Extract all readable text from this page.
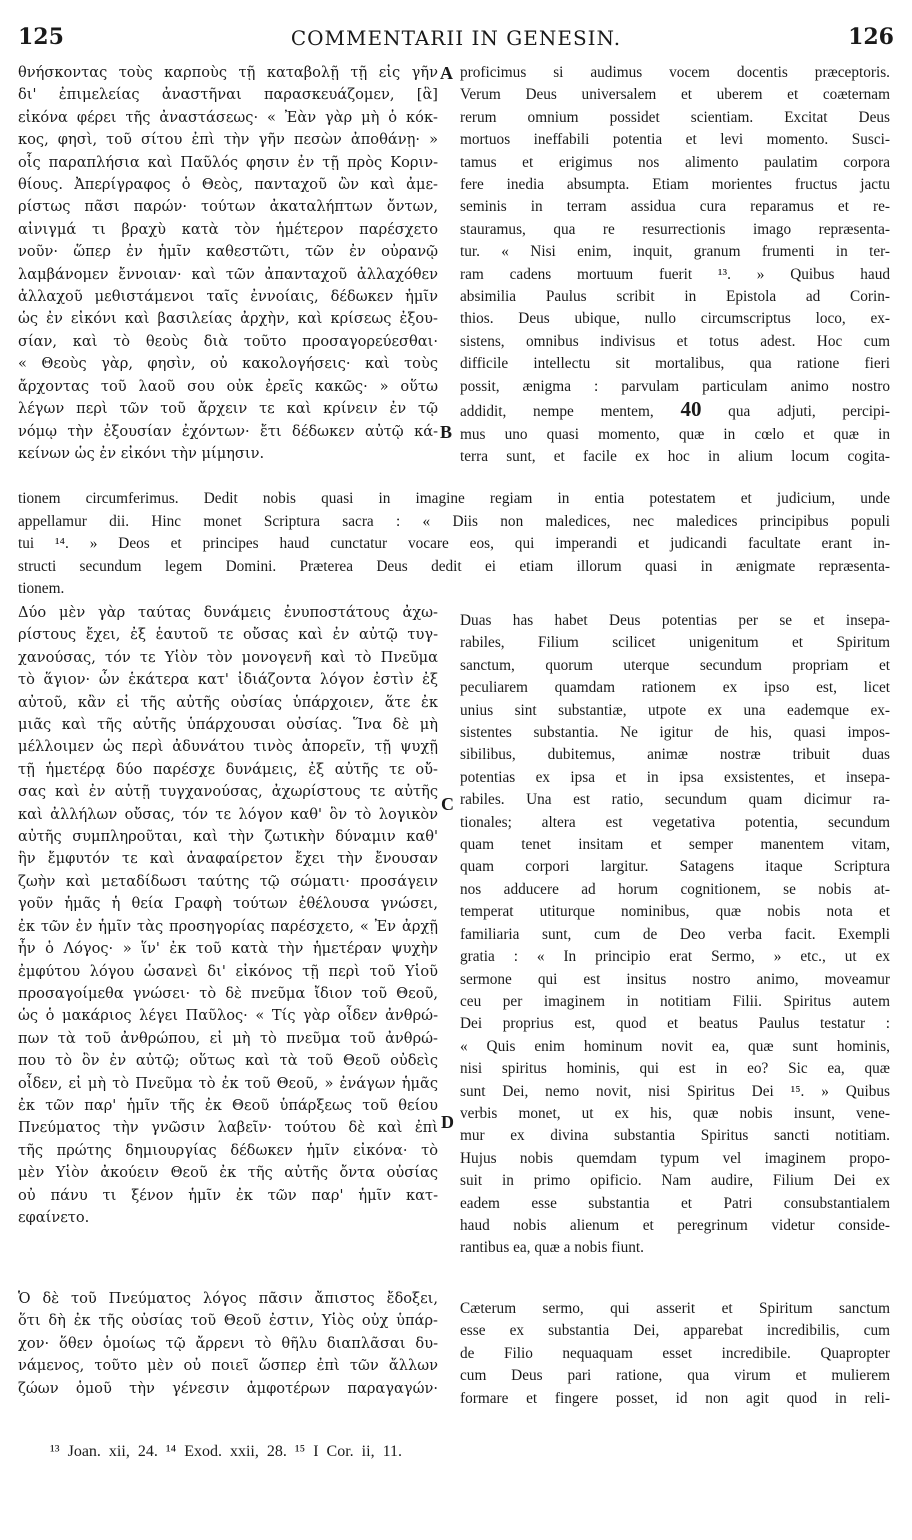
125	COMMENTARII IN GENESIN.	126
A
B
C
D
θνήσκοντας τοὺς καρποὺς τῇ καταβολῇ τῇ εἰς γῆν
δι' ἐπιμελείας ἀναστῆναι παρασκευάζομεν, [ἃ]
εἰκόνα φέρει τῆς ἀναστάσεως· « Ἐὰν γὰρ μὴ ὁ κόκ-
κος, φησὶ, τοῦ σίτου ἐπὶ τὴν γῆν πεσὼν ἀποθάνῃ· »
οἷς παραπλήσια καὶ Παῦλός φησιν ἐν τῇ πρὸς Κοριν-
θίους. Ἀπερίγραφος ὁ Θεὸς, πανταχοῦ ὢν καὶ ἀμε-
ρίστως πᾶσι παρών· τούτων ἀκαταλήπτων ὄντων,
αἰνιγμά τι βραχὺ κατὰ τὸν ἡμέτερον παρέσχετο
νοῦν· ὥπερ ἐν ἡμῖν καθεστῶτι, τῶν ἐν οὐρανῷ
λαμβάνομεν ἔννοιαν· καὶ τῶν ἀπανταχοῦ ἀλλαχόθεν
ἀλλαχοῦ μεθιστάμενοι ταῖς ἐννοίαις, δέδωκεν ἡμῖν
ὡς ἐν εἰκόνι καὶ βασιλείας ἀρχὴν, καὶ κρίσεως ἐξου-
σίαν, καὶ τὸ θεοὺς διὰ τοῦτο προσαγορεύεσθαι·
« Θεοὺς γὰρ, φησὶν, οὐ κακολογήσεις· καὶ τοὺς
ἄρχοντας τοῦ λαοῦ σου οὐκ ἐρεῖς κακῶς· » οὕτω
λέγων περὶ τῶν τοῦ ἄρχειν τε καὶ κρίνειν ἐν τῷ
νόμῳ τὴν ἐξουσίαν ἐχόντων· ἔτι δέδωκεν αὐτῷ κά-
κείνων ὡς ἐν εἰκόνι τὴν μίμησιν.
proficimus si audimus vocem docentis præceptoris.
Verum Deus universalem et uberem et coæternam
rerum omnium possidet scientiam. Excitat Deus
mortuos ineffabili potentia et levi momento. Susci-
tamus et erigimus nos alimento paulatim corpora
fere inedia absumpta. Etiam morientes fructus jactu
seminis in terram assidua cura reparamus et re-
stauramus, qua re resurrectionis imago repræsenta-
tur. « Nisi enim, inquit, granum frumenti in ter-
ram cadens mortuum fuerit ¹³. » Quibus haud
absimilia Paulus scribit in Epistola ad Corin-
thios. Deus ubique, nullo circumscriptus loco, ex-
sistens, omnibus indivisus et totus adest. Hoc cum
difficile intellectu sit mortalibus, qua ratione fieri
possit, ænigma : parvulam particulam animo nostro
addidit, nempe mentem, 40 qua adjuti, percipi-
mus uno quasi momento, quæ in cœlo et quæ in
terra sunt, et facile ex hoc in alium locum cogita-
tionem circumferimus. Dedit nobis quasi in imagine regiam in entia potestatem et judicium, unde
appellamur dii. Hinc monet Scriptura sacra : « Diis non maledices, nec maledices principibus populi
tui ¹⁴. » Deos et principes haud cunctatur vocare eos, qui imperandi et judicandi facultate erant in-
structi secundum legem Domini. Præterea Deus dedit ei etiam illorum quasi in ænigmate repræsenta-
tionem.
Δύο μὲν γὰρ ταύτας δυνάμεις ἐνυποστάτους ἀχω-
ρίστους ἔχει, ἐξ ἑαυτοῦ τε οὔσας καὶ ἐν αὐτῷ τυγ-
χανούσας, τόν τε Υἱὸν τὸν μονογενῆ καὶ τὸ Πνεῦμα
τὸ ἅγιον· ὧν ἑκάτερα κατ' ἰδιάζοντα λόγον ἐστὶν ἐξ
αὐτοῦ, κἂν εἰ τῆς αὐτῆς οὐσίας ὑπάρχοιεν, ἅτε ἐκ
μιᾶς καὶ τῆς αὐτῆς ὑπάρχουσαι οὐσίας. Ἵνα δὲ μὴ
μέλλοιμεν ὡς περὶ ἀδυνάτου τινὸς ἀπορεῖν, τῇ ψυχῇ
τῇ ἡμετέρᾳ δύο παρέσχε δυνάμεις, ἐξ αὐτῆς τε οὔ-
σας καὶ ἐν αὐτῇ τυγχανούσας, ἀχωρίστους τε αὐτῆς
καὶ ἀλλήλων οὔσας, τόν τε λόγον καθ' ὃν τὸ λογικὸν
αὐτῆς συμπληροῦται, καὶ τὴν ζωτικὴν δύναμιν καθ'
ἣν ἔμφυτόν τε καὶ ἀναφαίρετον ἔχει τὴν ἔνουσαν
ζωὴν καὶ μεταδίδωσι ταύτης τῷ σώματι· προσάγειν
γοῦν ἡμᾶς ἡ θεία Γραφὴ τούτων ἐθέλουσα γνώσει,
ἐκ τῶν ἐν ἡμῖν τὰς προσηγορίας παρέσχετο, « Ἐν ἀρχῇ
ἦν ὁ Λόγος· » ἵν' ἐκ τοῦ κατὰ τὴν ἡμετέραν ψυχὴν
ἐμφύτου λόγου ὡσανεὶ δι' εἰκόνος τῇ περὶ τοῦ Υἱοῦ
προσαγοίμεθα γνώσει· τὸ δὲ πνεῦμα ἴδιον τοῦ Θεοῦ,
ὡς ὁ μακάριος λέγει Παῦλος· « Τίς γὰρ οἶδεν ἀνθρώ-
πων τὰ τοῦ ἀνθρώπου, εἰ μὴ τὸ πνεῦμα τοῦ ἀνθρώ-
που τὸ ὂν ἐν αὐτῷ; οὕτως καὶ τὰ τοῦ Θεοῦ οὐδεὶς
οἶδεν, εἰ μὴ τὸ Πνεῦμα τὸ ἐκ τοῦ Θεοῦ, » ἐνάγων ἡμᾶς
ἐκ τῶν παρ' ἡμῖν τῆς ἐκ Θεοῦ ὑπάρξεως τοῦ θείου
Πνεύματος τὴν γνῶσιν λαβεῖν· τούτου δὲ καὶ ἐπὶ
τῆς πρώτης δημιουργίας δέδωκεν ἡμῖν εἰκόνα· τὸ
μὲν Υἱὸν ἀκούειν Θεοῦ ἐκ τῆς αὐτῆς ὄντα οὐσίας
οὐ πάνυ τι ξένον ἡμῖν ἐκ τῶν παρ' ἡμῖν κατ-
εφαίνετο.
Ὁ δὲ τοῦ Πνεύματος λόγος πᾶσιν ἄπιστος ἔδοξει,
ὅτι δὴ ἐκ τῆς οὐσίας τοῦ Θεοῦ ἐστιν, Υἱὸς οὐχ ὑπάρ-
χον· ὅθεν ὁμοίως τῷ ἄρρενι τὸ θῆλυ διαπλᾶσαι δυ-
νάμενος, τοῦτο μὲν οὐ ποιεῖ ὥσπερ ἐπὶ τῶν ἄλλων
ζώων ὁμοῦ τὴν γένεσιν ἀμφοτέρων παραγαγών·
Duas has habet Deus potentias per se et insepa-
rabiles, Filium scilicet unigenitum et Spiritum
sanctum, quorum uterque secundum propriam et
peculiarem quamdam rationem ex ipso est, licet
unius sint substantiæ, utpote ex una eademque ex-
sistentes substantia. Ne igitur de his, quasi impos-
sibilibus, dubitemus, animæ nostræ tribuit duas
potentias ex ipsa et in ipsa exsistentes, et insepa-
rabiles. Una est ratio, secundum quam dicimur ra-
tionales; altera est vegetativa potentia, secundum
quam tenet insitam et semper manentem vitam,
quam corpori largitur. Satagens itaque Scriptura
nos adducere ad horum cognitionem, se nobis at-
temperat utiturque nominibus, quæ nobis nota et
familiaria sunt, cum de Deo verba facit. Exempli
gratia : « In principio erat Sermo, » etc., ut ex
sermone qui est insitus nostro animo, moveamur
ceu per imaginem in notitiam Filii. Spiritus autem
Dei proprius est, quod et beatus Paulus testatur :
« Quis enim hominum novit ea, quæ sunt hominis,
nisi spiritus hominis, qui est in eo? Sic ea, quæ
sunt Dei, nemo novit, nisi Spiritus Dei ¹⁵. » Quibus
verbis monet, ut ex his, quæ nobis insunt, vene-
mur ex divina substantia Spiritus sancti notitiam.
Hujus nobis quemdam typum vel imaginem propo-
suit in primo opificio. Nam audire, Filium Dei ex
eadem esse substantia et Patri consubstantialem
haud nobis alienum et peregrinum videtur conside-
rantibus ea, quæ a nobis fiunt.
Cæterum sermo, qui asserit et Spiritum sanctum
esse ex substantia Dei, apparebat incredibilis, cum
de Filio nequaquam esset incredibile. Quapropter
cum Deus pari ratione, qua virum et mulierem
formare et fingere posset, id non agit quod in reli-
¹³ Joan. xii, 24. ¹⁴ Exod. xxii, 28. ¹⁵ I Cor. ii, 11.
